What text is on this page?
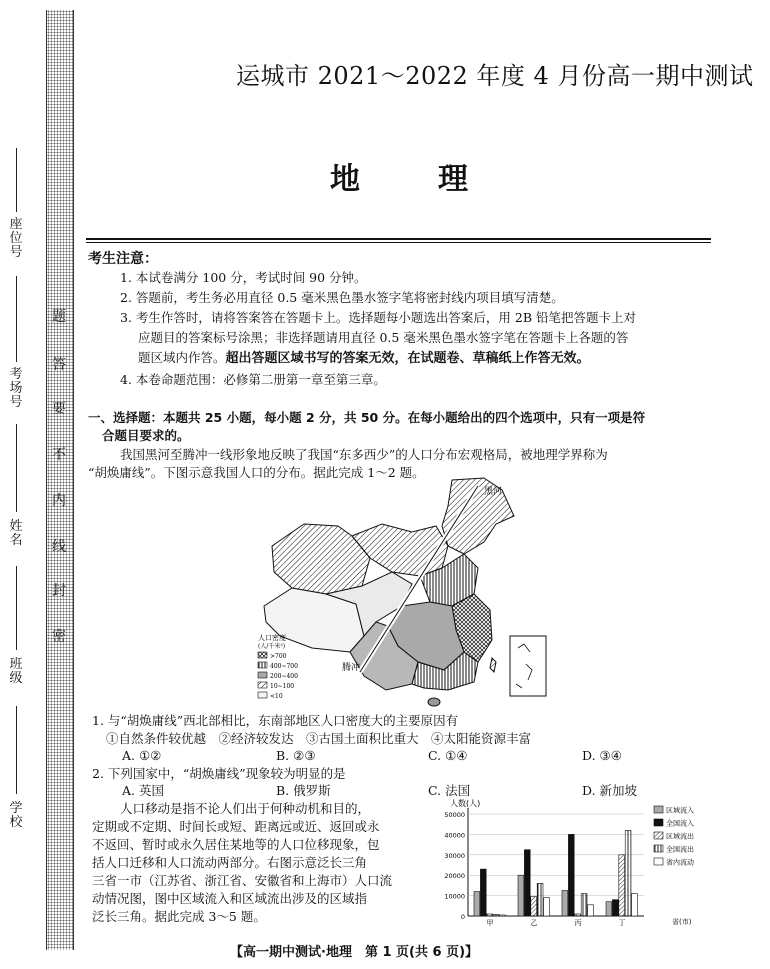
题
答
要
不
内
线
封
密
座位号
考场号
姓名
班级
学校
运城市 2021～2022 年度 4 月份高一期中测试
地 理
考生注意：
1. 本试卷满分 100 分，考试时间 90 分钟。
2. 答题前，考生务必用直径 0.5 毫米黑色墨水签字笔将密封线内项目填写清楚。
3. 考生作答时，请将答案答在答题卡上。选择题每小题选出答案后，用 2B 铅笔把答题卡上对
应题目的答案标号涂黑；非选择题请用直径 0.5 毫米黑色墨水签字笔在答题卡上各题的答
题区域内作答。超出答题区域书写的答案无效，在试题卷、草稿纸上作答无效。
4. 本卷命题范围：必修第二册第一章至第三章。
一、选择题：本题共 25 小题，每小题 2 分，共 50 分。在每小题给出的四个选项中，只有一项是符
合题目要求的。
我国黑河至腾冲一线形象地反映了我国“东多西少”的人口分布宏观格局，被地理学界称为
“胡焕庸线”。下图示意我国人口的分布。据此完成 1～2 题。
黑河
腾冲
人口密度
(人/千米²)
>700
400~700
200~400
10~100
<10
1. 与“胡焕庸线”西北部相比，东南部地区人口密度大的主要原因有
①自然条件较优越　②经济较发达　③古国土面积比重大　④太阳能资源丰富
A. ①②	B. ②③	C. ①④	D. ③④
2. 下列国家中，“胡焕庸线”现象较为明显的是
A. 英国	B. 俄罗斯	C. 法国	D. 新加坡
人口移动是指不论人们出于何种动机和目的，
定期或不定期、时间长或短、距离远或近、返回或永
不返回、暂时或永久居住某地等的人口位移现象，包
括人口迁移和人口流动两部分。右图示意泛长三角
三省一市（江苏省、浙江省、安徽省和上海市）人口流
动情况图，图中区域流入和区域流出涉及的区域指
泛长三角。据此完成 3～5 题。
人数(人)
省(市)
0
10000
20000
30000
40000
50000
甲	乙	丙	丁
区域流入
全国流入
区域流出
全国流出
省内流动
【高一期中测试·地理　第 1 页(共 6 页)】
